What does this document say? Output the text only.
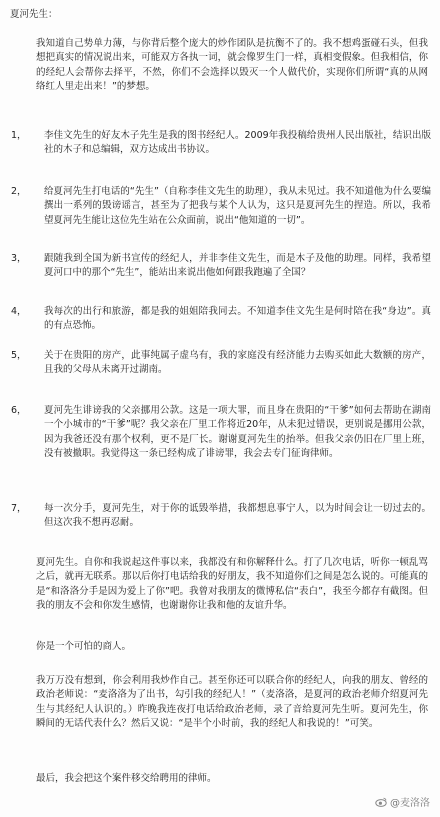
夏河先生：

我知道自己势单力薄，与你背后整个庞大的炒作团队是抗衡不了的。我不想鸡蛋碰石头，但我想把真实的情况说出来，可能双方各执一词，就会像罗生门一样，真相变假象。但我相信，你的经纪人会帮你去择平，不然，你们不会选择以毁灭一个人做代价，实现你们所谓“真的从网络红人里走出来！”的梦想。

1，	李佳文先生的好友木子先生是我的图书经纪人。2009年我投稿给贵州人民出版社，结识出版社的木子和总编辑，双方达成出书协议。
2，	给夏河先生打电话的“先生”（自称李佳文先生的助理），我从未见过。我不知道他为什么要编撰出一系列的毁谤谣言，甚至为了把我与某个人认为，这只是夏河先生的捏造。所以，我希望夏河先生能让这位先生站在公众面前，说出“他知道的一切”。
3，	跟随我到全国为新书宣传的经纪人，并非李佳文先生，而是木子及他的助理。同样，我希望夏河口中的那个“先生”，能站出来说出他如何跟我跑遍了全国？
4，	我每次的出行和旅游，都是我的姐姐陪我同去。不知道李佳文先生是何时陪在我“身边”。真的有点恐怖。
5，	关于在贵阳的房产，此事纯属子虚乌有，我的家庭没有经济能力去购买如此大数额的房产，且我的父母从未离开过湖南。
6，	夏河先生诽谤我的父亲挪用公款。这是一项大罪，而且身在贵阳的“干爹”如何去帮助在湖南一个小城市的“干爹”呢？我父亲在厂里工作将近20年，从未犯过错误，更别说是挪用公款，因为我爸还没有那个权利，更不是厂长。谢谢夏河先生的抬举。但我父亲仍旧在厂里上班，没有被撤职。我觉得这一条已经构成了诽谤罪，我会去专门征询律师。
7，	每一次分手，夏河先生，对于你的诋毁举措，我都想息事宁人，以为时间会让一切过去的。但这次我不想再忍耐。

夏河先生。自你和我说起这件事以来，我都没有和你解释什么。打了几次电话，听你一顿乱骂之后，就再无联系。那以后你打电话给我的好朋友，我不知道你们之间是怎么说的。可能真的是“和洛洛分手是因为爱上了你”吧。我曾对我朋友的微博私信“表白”，我至今都存有截图。但我的朋友不会和你发生感情，也谢谢你让我和他的友谊升华。

你是一个可怕的商人。

我万万没有想到，你会利用我炒作自己。甚至你还可以联合你的经纪人，向我的朋友、曾经的政治老师说：“麦洛洛为了出书，勾引我的经纪人！”（麦洛洛，是夏河的政治老师介绍夏河先生与其经纪人认识的。）昨晚我连夜打电话给政治老师，录了音给夏河先生听。夏河先生，你瞬间的无话代表什么？然后又说：“是半个小时前，我的经纪人和我说的！”可笑。

最后，我会把这个案件移交给聘用的律师。

@麦洛洛
